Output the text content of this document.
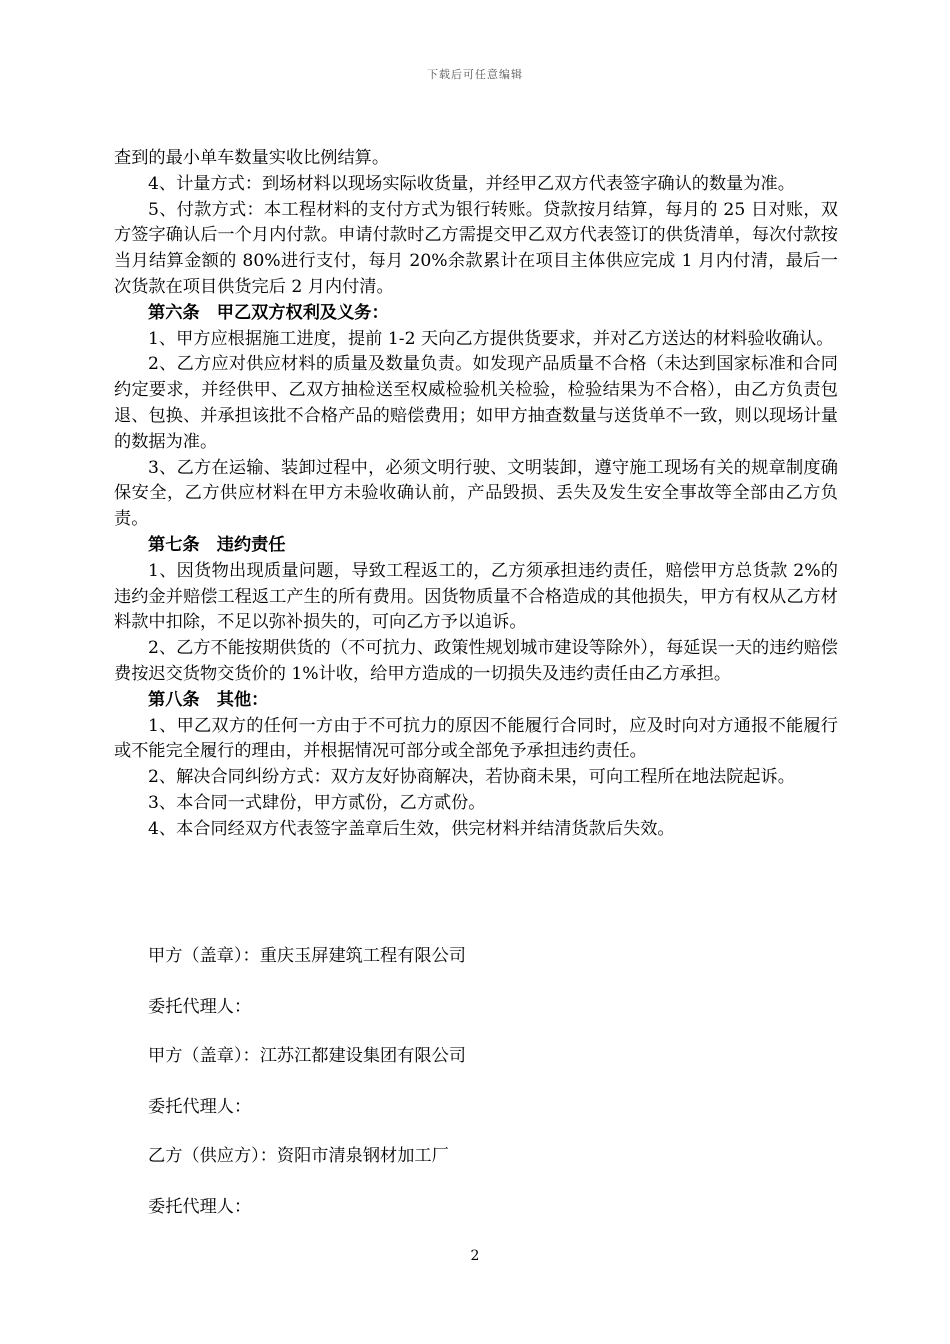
下载后可任意编辑

查到的最小单车数量实收比例结算。

4、计量方式：到场材料以现场实际收货量，并经甲乙双方代表签字确认的数量为准。

5、付款方式：本工程材料的支付方式为银行转账。贷款按月结算，每月的 25 日对账，双方签字确认后一个月内付款。申请付款时乙方需提交甲乙双方代表签订的供货清单，每次付款按当月结算金额的 80%进行支付，每月 20%余款累计在项目主体供应完成 1 月内付清，最后一次货款在项目供货完后 2 月内付清。

第六条　甲乙双方权利及义务：

1、甲方应根据施工进度，提前 1-2 天向乙方提供货要求，并对乙方送达的材料验收确认。

2、乙方应对供应材料的质量及数量负责。如发现产品质量不合格（未达到国家标准和合同约定要求，并经供甲、乙双方抽检送至权威检验机关检验，检验结果为不合格），由乙方负责包退、包换、并承担该批不合格产品的赔偿费用；如甲方抽查数量与送货单不一致，则以现场计量的数据为准。

3、乙方在运输、装卸过程中，必须文明行驶、文明装卸，遵守施工现场有关的规章制度确保安全，乙方供应材料在甲方未验收确认前，产品毁损、丢失及发生安全事故等全部由乙方负责。

第七条　违约责任

1、因货物出现质量问题，导致工程返工的，乙方须承担违约责任，赔偿甲方总货款 2%的违约金并赔偿工程返工产生的所有费用。因货物质量不合格造成的其他损失，甲方有权从乙方材料款中扣除，不足以弥补损失的，可向乙方予以追诉。

2、乙方不能按期供货的（不可抗力、政策性规划城市建设等除外），每延误一天的违约赔偿费按迟交货物交货价的 1%计收，给甲方造成的一切损失及违约责任由乙方承担。

第八条　其他：

1、甲乙双方的任何一方由于不可抗力的原因不能履行合同时，应及时向对方通报不能履行或不能完全履行的理由，并根据情况可部分或全部免予承担违约责任。

2、解决合同纠纷方式：双方友好协商解决，若协商未果，可向工程所在地法院起诉。

3、本合同一式肆份，甲方贰份，乙方贰份。

4、本合同经双方代表签字盖章后生效，供完材料并结清货款后失效。

甲方（盖章）：重庆玉屏建筑工程有限公司
委托代理人：
甲方（盖章）：江苏江都建设集团有限公司
委托代理人：
乙方（供应方）：资阳市清泉钢材加工厂
委托代理人：
2
